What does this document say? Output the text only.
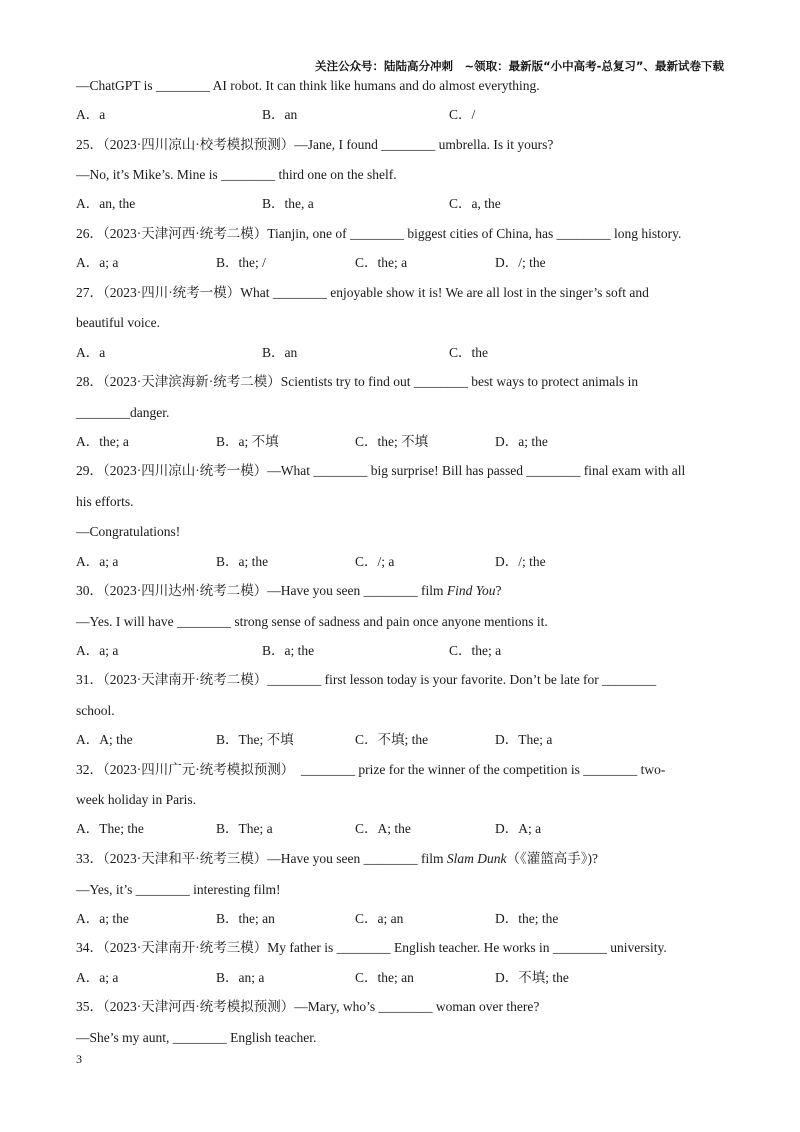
关注公众号：陆陆高分冲刺　~领取：最新版“小中高考-总复习”、最新试卷下载

—ChatGPT is ________ AI robot. It can think like humans and do almost everything.

A．a	B．an	C．/

25．（2023·四川凉山·校考模拟预测）—Jane, I found ________ umbrella. Is it yours?

—No, it’s Mike’s. Mine is ________ third one on the shelf.

A．an, the	B．the, a	C．a, the

26．（2023·天津河西·统考二模）Tianjin, one of ________ biggest cities of China, has ________ long history.

A．a; a	B．the; /	C．the; a	D．/; the

27．（2023·四川·统考一模）What ________ enjoyable show it is! We are all lost in the singer’s soft and

beautiful voice.

A．a	B．an	C．the

28．（2023·天津滨海新·统考二模）Scientists try to find out ________ best ways to protect animals in

________danger.

A．the; a	B．a; 不填	C．the; 不填	D．a; the

29．（2023·四川凉山·统考一模）—What ________ big surprise! Bill has passed ________ final exam with all

his efforts.

—Congratulations!

A．a; a	B．a; the	C．/; a	D．/; the

30．（2023·四川达州·统考二模）—Have you seen ________ film Find You?

—Yes. I will have ________ strong sense of sadness and pain once anyone mentions it.

A．a; a	B．a; the	C．the; a

31．（2023·天津南开·统考二模）________ first lesson today is your favorite. Don’t be late for ________

school.

A．A; the	B．The; 不填	C．不填; the	D．The; a

32．（2023·四川广元·统考模拟预测）  ________ prize for the winner of the competition is ________ two-

week holiday in Paris.

A．The; the	B．The; a	C．A; the	D．A; a

33．（2023·天津和平·统考三模）—Have you seen ________ film Slam Dunk（《灌篮高手》)?

—Yes, it’s ________ interesting film!

A．a; the	B．the; an	C．a; an	D．the; the

34．（2023·天津南开·统考三模）My father is ________ English teacher. He works in ________ university.

A．a; a	B．an; a	C．the; an	D．不填; the

35．（2023·天津河西·统考模拟预测）—Mary, who’s ________ woman over there?

—She’s my aunt, ________ English teacher.

3
